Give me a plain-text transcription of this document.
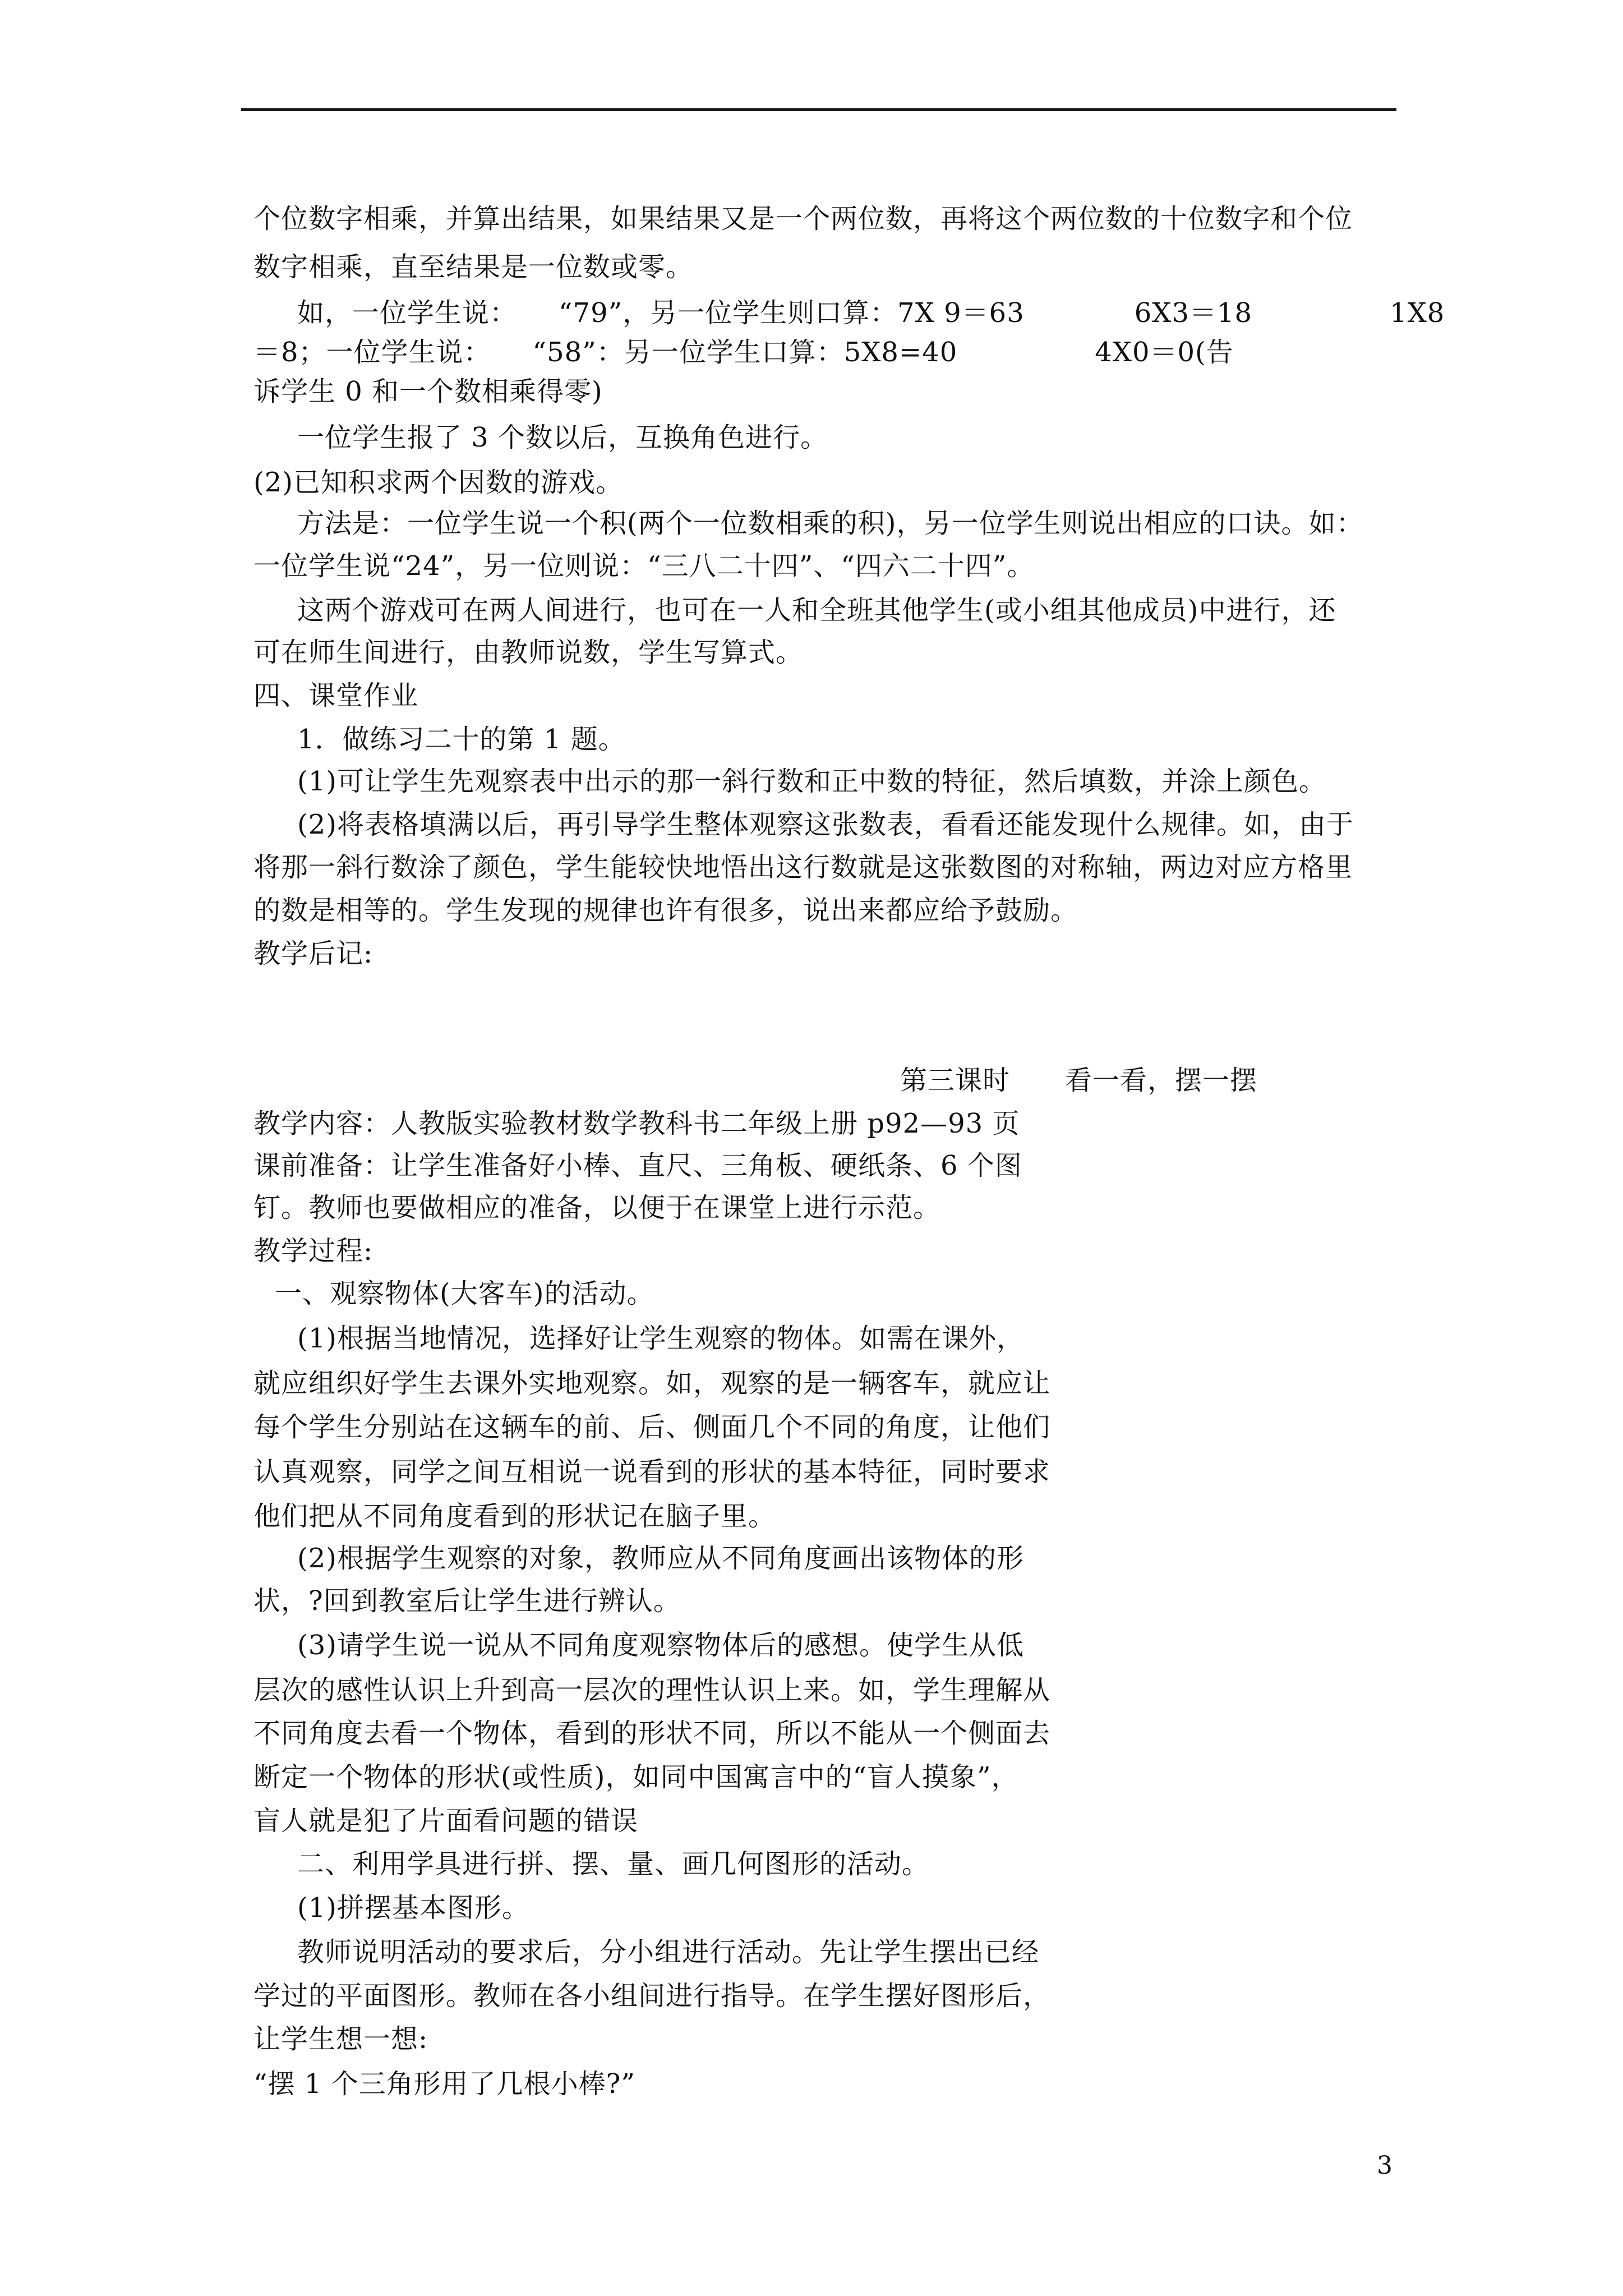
个位数字相乘，并算出结果，如果结果又是一个两位数，再将这个两位数的十位数字和个位
数字相乘，直至结果是一位数或零。
如，一位学生说：　　“79”，另一位学生则口算：7X 9＝63　　　　6X3＝18　　　　　1X8
＝8；一位学生说：　　“58”：另一位学生口算：5X8=40　　　　　4X0＝0(告
诉学生 0 和一个数相乘得零)
一位学生报了 3 个数以后，互换角色进行。
(2)已知积求两个因数的游戏。
方法是：一位学生说一个积(两个一位数相乘的积)，另一位学生则说出相应的口诀。如：
一位学生说“24”，另一位则说：“三八二十四”、“四六二十四”。
这两个游戏可在两人间进行，也可在一人和全班其他学生(或小组其他成员)中进行，还
可在师生间进行，由教师说数，学生写算式。
四、课堂作业
1．做练习二十的第 1 题。
(1)可让学生先观察表中出示的那一斜行数和正中数的特征，然后填数，并涂上颜色。
(2)将表格填满以后，再引导学生整体观察这张数表，看看还能发现什么规律。如，由于
将那一斜行数涂了颜色，学生能较快地悟出这行数就是这张数图的对称轴，两边对应方格里
的数是相等的。学生发现的规律也许有很多，说出来都应给予鼓励。
教学后记:
第三课时　　看一看，摆一摆
教学内容：人教版实验教材数学教科书二年级上册 p92—93 页
课前准备：让学生准备好小棒、直尺、三角板、硬纸条、6 个图
钉。教师也要做相应的准备，以便于在课堂上进行示范。
教学过程:
一、观察物体(大客车)的活动。
(1)根据当地情况，选择好让学生观察的物体。如需在课外，
就应组织好学生去课外实地观察。如，观察的是一辆客车，就应让
每个学生分别站在这辆车的前、后、侧面几个不同的角度，让他们
认真观察，同学之间互相说一说看到的形状的基本特征，同时要求
他们把从不同角度看到的形状记在脑子里。
(2)根据学生观察的对象，教师应从不同角度画出该物体的形
状，?回到教室后让学生进行辨认。
(3)请学生说一说从不同角度观察物体后的感想。使学生从低
层次的感性认识上升到高一层次的理性认识上来。如，学生理解从
不同角度去看一个物体，看到的形状不同，所以不能从一个侧面去
断定一个物体的形状(或性质)，如同中国寓言中的“盲人摸象”，
盲人就是犯了片面看问题的错误
二、利用学具进行拼、摆、量、画几何图形的活动。
(1)拼摆基本图形。
教师说明活动的要求后，分小组进行活动。先让学生摆出已经
学过的平面图形。教师在各小组间进行指导。在学生摆好图形后，
让学生想一想:
“摆 1 个三角形用了几根小棒?”
3
